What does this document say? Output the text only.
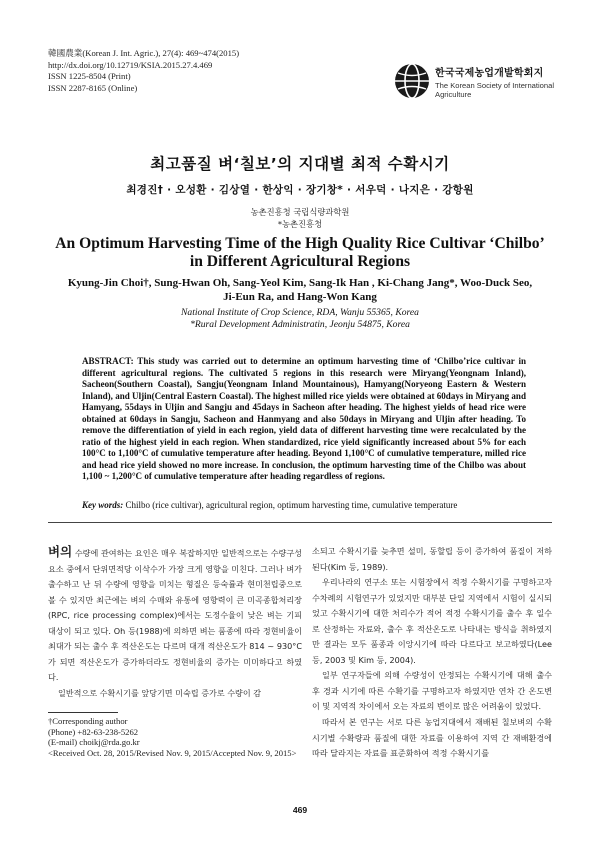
韓國農業(Korean J. Int. Agric.), 27(4): 469~474(2015)
http://dx.doi.org/10.12719/KSIA.2015.27.4.469
ISSN 1225-8504 (Print)
ISSN 2287-8165 (Online)
한국국제농업개발학회지
The Korean Society of International
Agriculture
최고품질 벼‘칠보’의 지대별 최적 수확시기
최경진† · 오성환 · 김상열 · 한상익 · 장기창* · 서우덕 · 나지은 · 강항원
농촌진흥청 국립식량과학원
*농촌진흥청
An Optimum Harvesting Time of the High Quality Rice Cultivar ‘Chilbo’
in Different Agricultural Regions
Kyung-Jin Choi†, Sung-Hwan Oh, Sang-Yeol Kim, Sang-Ik Han , Ki-Chang Jang*, Woo-Duck Seo,
Ji-Eun Ra, and Hang-Won Kang
National Institute of Crop Science, RDA, Wanju 55365, Korea
*Rural Development Administratin, Jeonju 54875, Korea
ABSTRACT: This study was carried out to determine an optimum harvesting time of ‘Chilbo’rice cultivar in different agricultural regions. The cultivated 5 regions in this research were Miryang(Yeongnam Inland), Sacheon(Southern Coastal), Sangju(Yeongnam Inland Mountainous), Hamyang(Noryeong Eastern & Western Inland), and Uljin(Central Eastern Coastal). The highest milled rice yields were obtained at 60days in Miryang and Hamyang, 55days in Uljin and Sangju and 45days in Sacheon after heading. The highest yields of head rice were obtained at 60days in Sangju, Sacheon and Hanmyang and also 50days in Miryang and Uljin after heading. To remove the differentiation of yield in each region, yield data of different harvesting time were recalculated by the ratio of the highest yield in each region. When standardized, rice yield significantly increased about 5% for each 100°C to 1,100°C of cumulative temperature after heading. Beyond 1,100°C of cumulative temperature, milled rice and head rice yield showed no more increase. In conclusion, the optimum harvesting time of the Chilbo was about 1,100 ~ 1,200°C of cumulative temperature after heading regardless of regions.
Key words: Chilbo (rice cultivar), agricultural region, optimum harvesting time, cumulative temperature

벼의 수량에 관여하는 요인은 매우 복잡하지만 일반적으로는 수량구성요소 중에서 단위면적당 이삭수가 가장 크게 영향을 미친다. 그러나 벼가 출수하고 난 뒤 수량에 영향을 미치는 형질은 등숙률과 현미천립중으로 볼 수 있지만 최근에는 벼의 수매와 유통에 영향력이 큰 미곡종합처리장(RPC, rice processing complex)에서는 도정수율이 낮은 벼는 기피 대상이 되고 있다. Oh 등(1988)에 의하면 벼는 품종에 따라 정현비율이 최대가 되는 출수 후 적산온도는 다르며 대개 적산온도가 814 ~ 930°C가 되면 적산온도가 증가하더라도 정현비율의 증가는 미미하다고 하였다.

일반적으로 수확시기를 앞당기면 미숙립 증가로 수량이 감

소되고 수확시기를 늦추면 설미, 동할립 등이 증가하여 품질이 저하된다(Kim 등, 1989).

우리나라의 연구소 또는 시험장에서 적정 수확시기를 구명하고자 수차례의 시험연구가 있었지만 대부분 단일 지역에서 시험이 실시되었고 수확시기에 대한 처리수가 적어 적정 수확시기를 출수 후 일수로 산정하는 자료와, 출수 후 적산온도로 나타내는 방식을 취하였지만 결과는 모두 품종과 이앙시기에 따라 다르다고 보고하였다(Lee 등, 2003 및 Kim 등, 2004).

일부 연구자들에 의해 수량성이 안정되는 수확시기에 대해 출수 후 경과 시기에 따른 수확기를 구명하고자 하였지만 연차 간 온도변이 및 지역적 차이에서 오는 자료의 변이로 많은 어려움이 있었다.

따라서 본 연구는 서로 다른 농업지대에서 재배된 칠보벼의 수확시기별 수확량과 품질에 대한 자료를 이용하여 지역 간 재배환경에 따라 달라지는 자료를 표준화하여 적정 수확시기를

†Corresponding author
(Phone) +82-63-238-5262
(E-mail) choikj@rda.go.kr
<Received Oct. 28, 2015/Revised Nov. 9, 2015/Accepted Nov. 9, 2015>
469
